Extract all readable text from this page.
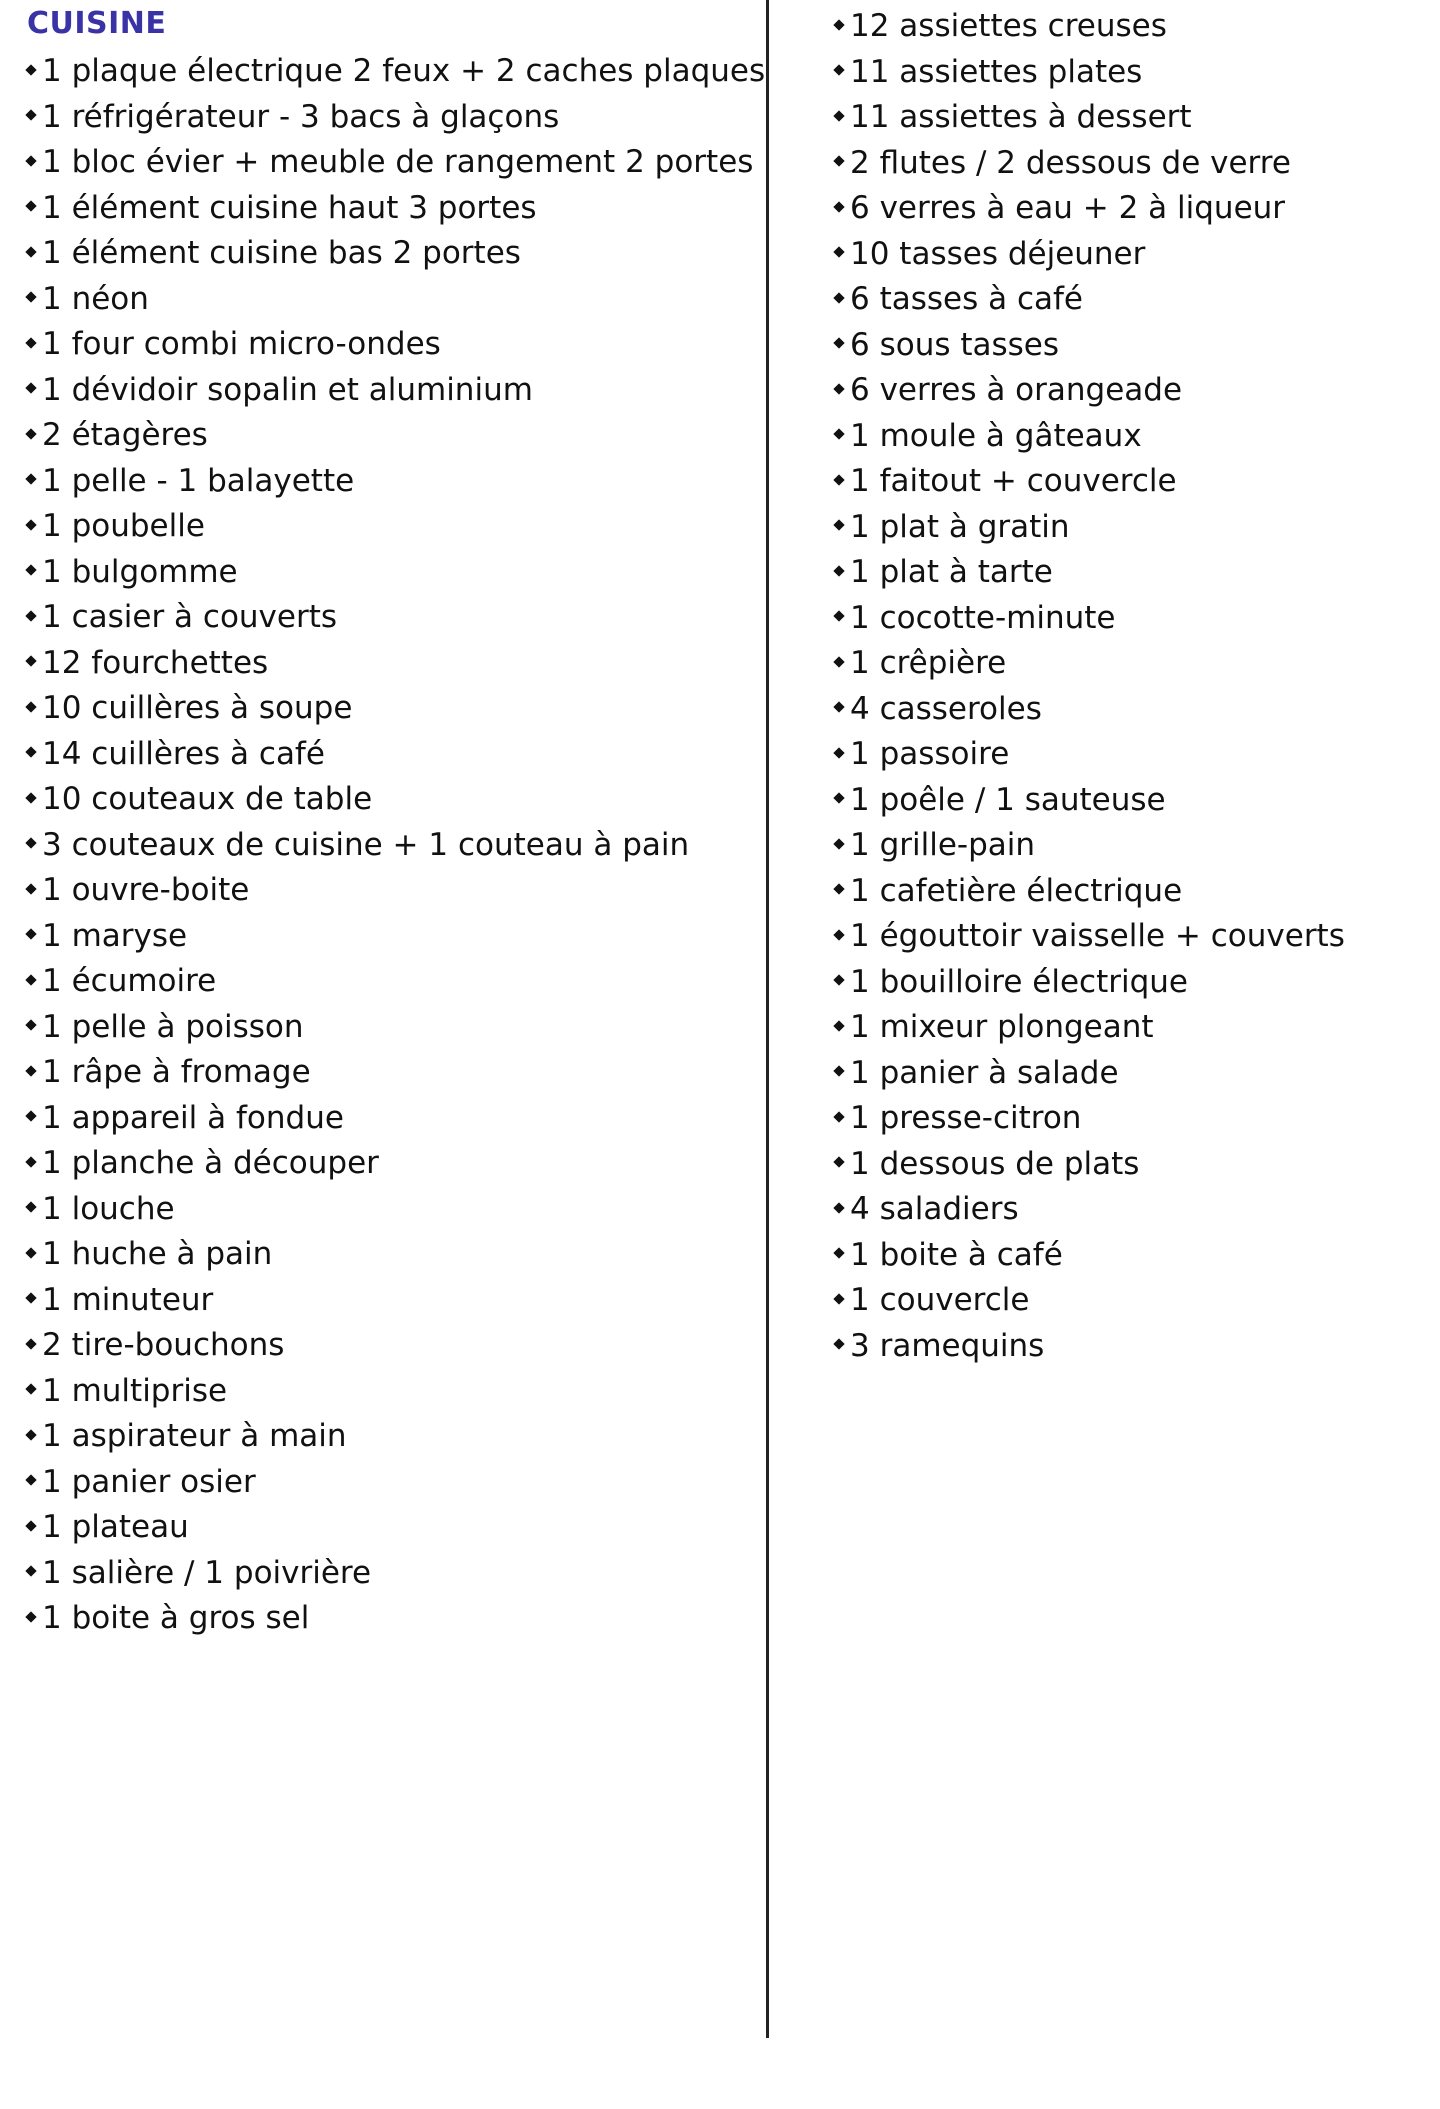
CUISINE
1 plaque électrique 2 feux + 2 caches plaques
1 réfrigérateur - 3 bacs à glaçons
1 bloc évier + meuble de rangement 2 portes
1 élément cuisine haut 3 portes
1 élément cuisine bas 2 portes
1 néon
1 four combi micro-ondes
1 dévidoir sopalin et aluminium
2 étagères
1 pelle - 1 balayette
1 poubelle
1 bulgomme
1 casier à couverts
12 fourchettes
10 cuillères à soupe
14 cuillères à café
10 couteaux de table
3 couteaux de cuisine + 1 couteau à pain
1 ouvre-boite
1 maryse
1 écumoire
1 pelle à poisson
1 râpe à fromage
1 appareil à fondue
1 planche à découper
1 louche
1 huche à pain
1 minuteur
2 tire-bouchons
1 multiprise
1 aspirateur à main
1 panier osier
1 plateau
1 salière / 1 poivrière
1 boite à gros sel
12 assiettes creuses
11 assiettes plates
11 assiettes à dessert
2 flutes / 2 dessous de verre
6 verres à eau + 2 à liqueur
10 tasses déjeuner
6 tasses à café
6 sous tasses
6 verres à orangeade
1 moule à gâteaux
1 faitout + couvercle
1 plat à gratin
1 plat à tarte
1 cocotte-minute
1 crêpière
4 casseroles
1 passoire
1 poêle / 1 sauteuse
1 grille-pain
1 cafetière électrique
1 égouttoir vaisselle + couverts
1 bouilloire électrique
1 mixeur plongeant
1 panier à salade
1 presse-citron
1 dessous de plats
4 saladiers
1 boite à café
1 couvercle
3 ramequins
